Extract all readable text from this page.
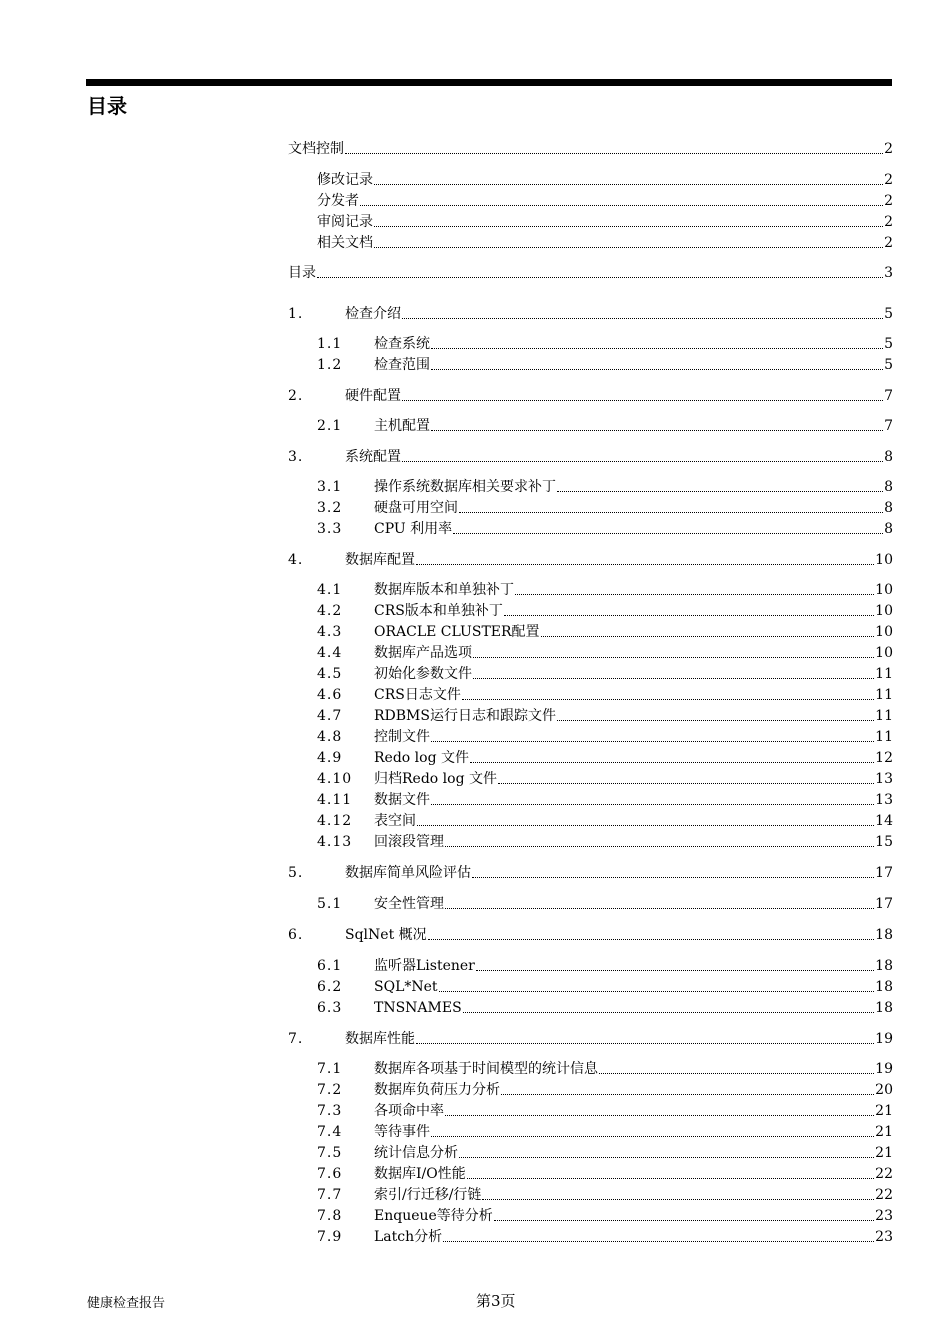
目录
文档控制	2
修改记录	2
分发者	2
审阅记录	2
相关文档	2
目录	3
1.	检查介绍	5
1.1	检查系统	5
1.2	检查范围	5
2.	硬件配置	7
2.1	主机配置	7
3.	系统配置	8
3.1	操作系统数据库相关要求补丁	8
3.2	硬盘可用空间	8
3.3	CPU 利用率	8
4.	数据库配置	10
4.1	数据库版本和单独补丁	10
4.2	CRS版本和单独补丁	10
4.3	ORACLE CLUSTER配置	10
4.4	数据库产品选项	10
4.5	初始化参数文件	11
4.6	CRS日志文件	11
4.7	RDBMS运行日志和跟踪文件	11
4.8	控制文件	11
4.9	Redo log 文件	12
4.10	归档Redo log 文件	13
4.11	数据文件	13
4.12	表空间	14
4.13	回滚段管理	15
5.	数据库简单风险评估	17
5.1	安全性管理	17
6.	SqlNet 概况	18
6.1	监听器Listener	18
6.2	SQL*Net	18
6.3	TNSNAMES	18
7.	数据库性能	19
7.1	数据库各项基于时间模型的统计信息	19
7.2	数据库负荷压力分析	20
7.3	各项命中率	21
7.4	等待事件	21
7.5	统计信息分析	21
7.6	数据库I/O性能	22
7.7	索引/行迁移/行链	22
7.8	Enqueue等待分析	23
7.9	Latch分析	23
健康检查报告	第3页
